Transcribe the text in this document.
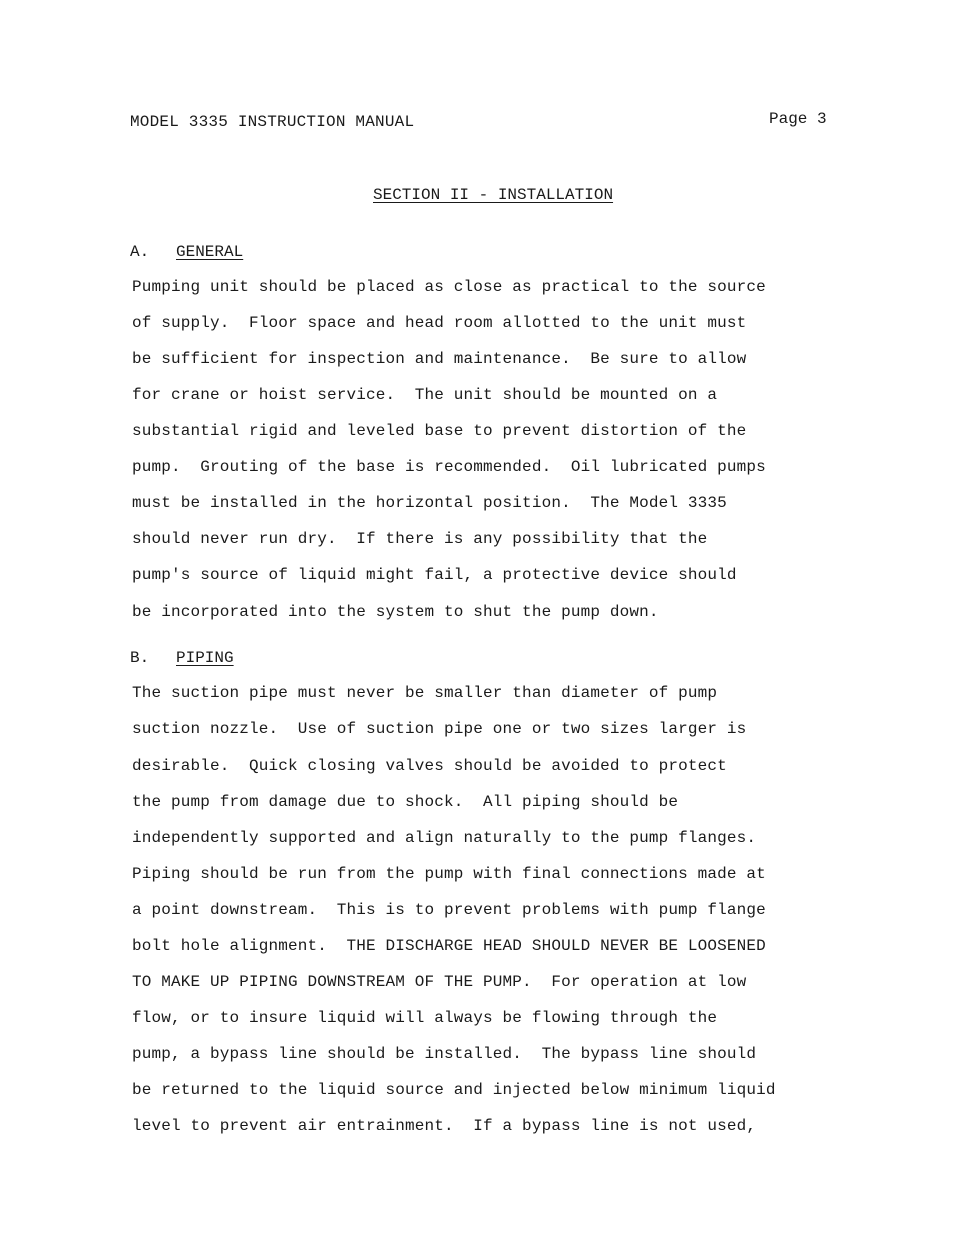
MODEL 3335 INSTRUCTION MANUAL	Page 3
SECTION II - INSTALLATION
A. GENERAL
Pumping unit should be placed as close as practical to the source
of supply.  Floor space and head room allotted to the unit must
be sufficient for inspection and maintenance.  Be sure to allow
for crane or hoist service.  The unit should be mounted on a
substantial rigid and leveled base to prevent distortion of the
pump.  Grouting of the base is recommended.  Oil lubricated pumps
must be installed in the horizontal position.  The Model 3335
should never run dry.  If there is any possibility that the
pump's source of liquid might fail, a protective device should
be incorporated into the system to shut the pump down.
B. PIPING
The suction pipe must never be smaller than diameter of pump
suction nozzle.  Use of suction pipe one or two sizes larger is
desirable.  Quick closing valves should be avoided to protect
the pump from damage due to shock.  All piping should be
independently supported and align naturally to the pump flanges.
Piping should be run from the pump with final connections made at
a point downstream.  This is to prevent problems with pump flange
bolt hole alignment.  THE DISCHARGE HEAD SHOULD NEVER BE LOOSENED
TO MAKE UP PIPING DOWNSTREAM OF THE PUMP.  For operation at low
flow, or to insure liquid will always be flowing through the
pump, a bypass line should be installed.  The bypass line should
be returned to the liquid source and injected below minimum liquid
level to prevent air entrainment.  If a bypass line is not used,
